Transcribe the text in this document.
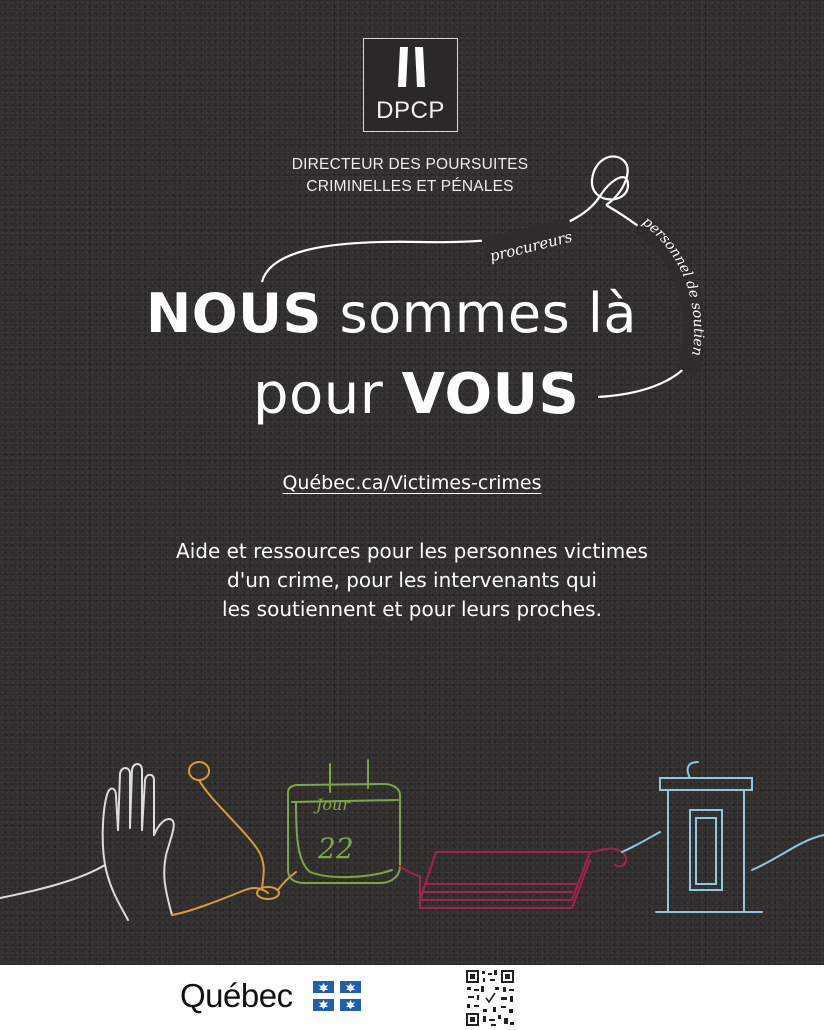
DPCP
DIRECTEUR DES POURSUITES
CRIMINELLES ET PÉNALES
procureurs
personnel de soutien
NOUS sommes là
pour VOUS
Québec.ca/Victimes-crimes
Aide et ressources pour les personnes victimes
d'un crime, pour les intervenants qui
les soutiennent et pour leurs proches.
Jour
22
Québec
